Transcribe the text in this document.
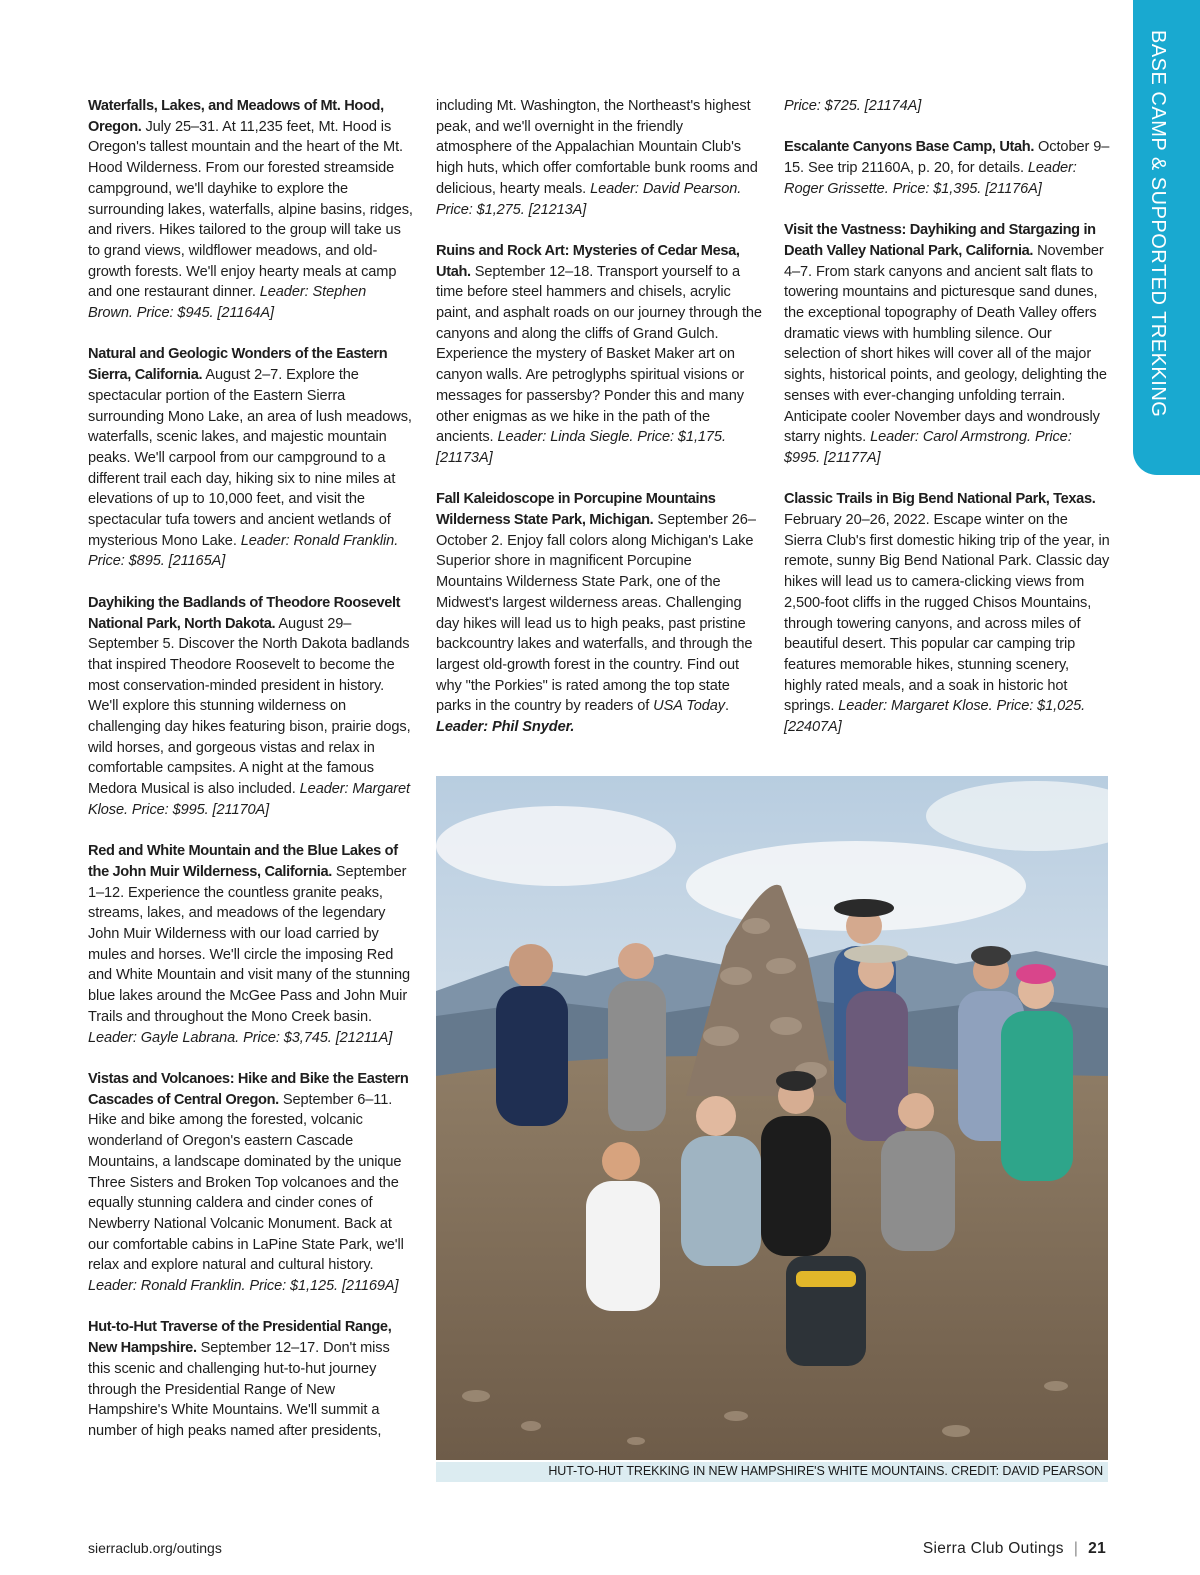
BASE CAMP & SUPPORTED TREKKING

Waterfalls, Lakes, and Meadows of Mt. Hood, Oregon. July 25–31. At 11,235 feet, Mt. Hood is Oregon's tallest mountain and the heart of the Mt. Hood Wilderness. From our forested streamside campground, we'll dayhike to explore the surrounding lakes, waterfalls, alpine basins, ridges, and rivers. Hikes tailored to the group will take us to grand views, wildflower meadows, and old-growth forests. We'll enjoy hearty meals at camp and one restaurant dinner. Leader: Stephen Brown. Price: $945. [21164A]

Natural and Geologic Wonders of the Eastern Sierra, California. August 2–7. Explore the spectacular portion of the Eastern Sierra surrounding Mono Lake, an area of lush meadows, waterfalls, scenic lakes, and majestic mountain peaks. We'll carpool from our campground to a different trail each day, hiking six to nine miles at elevations of up to 10,000 feet, and visit the spectacular tufa towers and ancient wetlands of mysterious Mono Lake. Leader: Ronald Franklin. Price: $895. [21165A]

Dayhiking the Badlands of Theodore Roosevelt National Park, North Dakota. August 29–September 5. Discover the North Dakota badlands that inspired Theodore Roosevelt to become the most conservation-minded president in history. We'll explore this stunning wilderness on challenging day hikes featuring bison, prairie dogs, wild horses, and gorgeous vistas and relax in comfortable campsites. A night at the famous Medora Musical is also included. Leader: Margaret Klose. Price: $995. [21170A]

Red and White Mountain and the Blue Lakes of the John Muir Wilderness, California. September 1–12. Experience the countless granite peaks, streams, lakes, and meadows of the legendary John Muir Wilderness with our load carried by mules and horses. We'll circle the imposing Red and White Mountain and visit many of the stunning blue lakes around the McGee Pass and John Muir Trails and throughout the Mono Creek basin. Leader: Gayle Labrana. Price: $3,745. [21211A]

Vistas and Volcanoes: Hike and Bike the Eastern Cascades of Central Oregon. September 6–11. Hike and bike among the forested, volcanic wonderland of Oregon's eastern Cascade Mountains, a landscape dominated by the unique Three Sisters and Broken Top volcanoes and the equally stunning caldera and cinder cones of Newberry National Volcanic Monument. Back at our comfortable cabins in LaPine State Park, we'll relax and explore natural and cultural history. Leader: Ronald Franklin. Price: $1,125. [21169A]

Hut-to-Hut Traverse of the Presidential Range, New Hampshire. September 12–17. Don't miss this scenic and challenging hut-to-hut journey through the Presidential Range of New Hampshire's White Mountains. We'll summit a number of high peaks named after presidents,

including Mt. Washington, the Northeast's highest peak, and we'll overnight in the friendly atmosphere of the Appalachian Mountain Club's high huts, which offer comfortable bunk rooms and delicious, hearty meals. Leader: David Pearson. Price: $1,275. [21213A]

Ruins and Rock Art: Mysteries of Cedar Mesa, Utah. September 12–18. Transport yourself to a time before steel hammers and chisels, acrylic paint, and asphalt roads on our journey through the canyons and along the cliffs of Grand Gulch. Experience the mystery of Basket Maker art on canyon walls. Are petroglyphs spiritual visions or messages for passersby? Ponder this and many other enigmas as we hike in the path of the ancients. Leader: Linda Siegle. Price: $1,175. [21173A]

Fall Kaleidoscope in Porcupine Mountains Wilderness State Park, Michigan. September 26–October 2. Enjoy fall colors along Michigan's Lake Superior shore in magnificent Porcupine Mountains Wilderness State Park, one of the Midwest's largest wilderness areas. Challenging day hikes will lead us to high peaks, past pristine backcountry lakes and waterfalls, and through the largest old-growth forest in the country. Find out why "the Porkies" is rated among the top state parks in the country by readers of USA Today. Leader: Phil Snyder.

Price: $725. [21174A]

Escalante Canyons Base Camp, Utah. October 9–15. See trip 21160A, p. 20, for details. Leader: Roger Grissette. Price: $1,395. [21176A]

Visit the Vastness: Dayhiking and Stargazing in Death Valley National Park, California. November 4–7. From stark canyons and ancient salt flats to towering mountains and picturesque sand dunes, the exceptional topography of Death Valley offers dramatic views with humbling silence. Our selection of short hikes will cover all of the major sights, historical points, and geology, delighting the senses with ever-changing unfolding terrain. Anticipate cooler November days and wondrously starry nights. Leader: Carol Armstrong. Price: $995. [21177A]

Classic Trails in Big Bend National Park, Texas. February 20–26, 2022. Escape winter on the Sierra Club's first domestic hiking trip of the year, in remote, sunny Big Bend National Park. Classic day hikes will lead us to camera-clicking views from 2,500-foot cliffs in the rugged Chisos Mountains, through towering canyons, and across miles of beautiful desert. This popular car camping trip features memorable hikes, stunning scenery, highly rated meals, and a soak in historic hot springs. Leader: Margaret Klose. Price: $1,025. [22407A]

HUT-TO-HUT TREKKING IN NEW HAMPSHIRE'S WHITE MOUNTAINS. CREDIT: DAVID PEARSON
sierraclub.org/outings	Sierra Club Outings | 21
